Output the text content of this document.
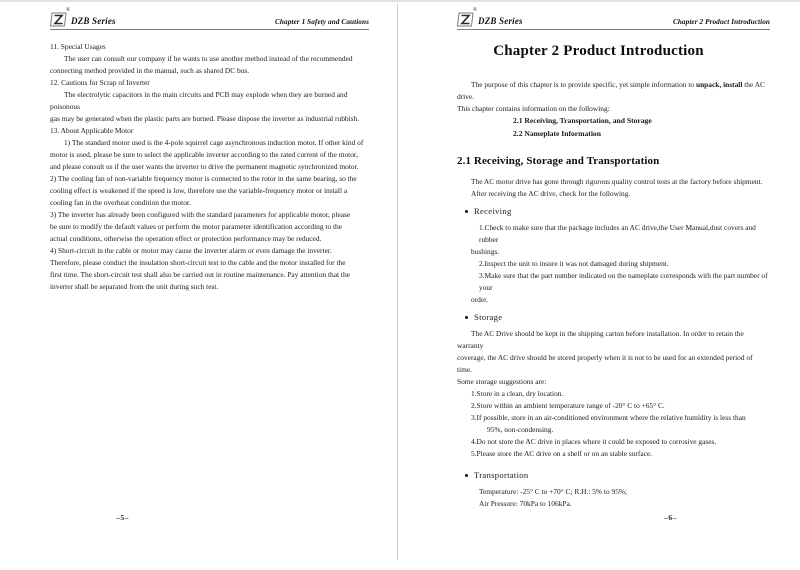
®
DZB Series	Chapter 1 Safety and Cautions

11. Special Usages

The user can consult our company if he wants to use another method instead of the recommended

connecting method provided in the manual, such as shared DC bus.

12. Cautions for Scrap of Inverter

The electrolytic capacitors in the main circuits and PCB may explode when they are burned and poisonous

gas may be generated when the plastic parts are burned. Please dispose the inverter as industrial rubbish.

13. About Applicable Motor

1) The standard motor used is the 4-pole squirrel cage asynchronous induction motor. If other kind of

motor is used, please be sure to select the applicable inverter according to the rated current of the motor,

and please consult us if the user wants the inverter to drive the permanent magnetic synchronized motor.

2) The cooling fan of non-variable frequency motor is connected to the rotor in the same bearing, so the

cooling effect is weakened if the speed is low, therefore use the variable-frequency motor or install a

cooling fan in the overheat condition the motor.

3) The inverter has already been configured with the standard parameters for applicable motor, please

be sure to modify the default values or perform the motor parameter identification according to the

actual conditions, otherwise the operation effect or protection performance may be reduced.

4) Short-circuit in the cable or motor may cause the inverter alarm or even damage the inverter.

Therefore, please conduct the insulation short-circuit test to the cable and the motor installed for the

first time. The short-circuit test shall also be carried out in routine maintenance. Pay attention that the

inverter shall be separated from the unit during such test.

–5–
®
DZB Series	Chapter 2 Product Introduction
Chapter 2 Product Introduction

The purpose of this chapter is to provide specific, yet simple information to unpack, install the AC drive.

This chapter contains information on the following:

2.1 Receiving, Transportation, and Storage

2.2 Nameplate Information

2.1 Receiving, Storage and Transportation

The AC motor drive has gone through rigorous quality control tests at the factory before shipment.

After receiving the AC drive, check for the following.

Receiving

1.Check to make sure that the package includes an AC drive,the User Manual,dust covers and rubber

bushings.

2.Inspect the unit to insure it was not damaged during shipment.

3.Make sure that the part number indicated on the nameplate corresponds with the part number of your

order.

Storage

The AC Drive should be kept in the shipping carton before installation. In order to retain the warranty

coverage, the AC drive should be stored properly when it is not to be used for an extended period of time.

Some storage suggestions are:

1.Store in a clean, dry location.

2.Store within an ambient temperature range of -20° C to +65° C.

3.If possible, store in an air-conditioned environment where the relative humidity is less than

95%, non-condensing.

4.Do not store the AC drive in places where it could be exposed to corrosive gases.

5.Please store the AC drive on a shelf or on an stable surface.

Transportation

Temperature: -25° C to +70° C; R.H.: 5% to 95%;

Air Pressure: 70kPa to 106kPa.

–6–
